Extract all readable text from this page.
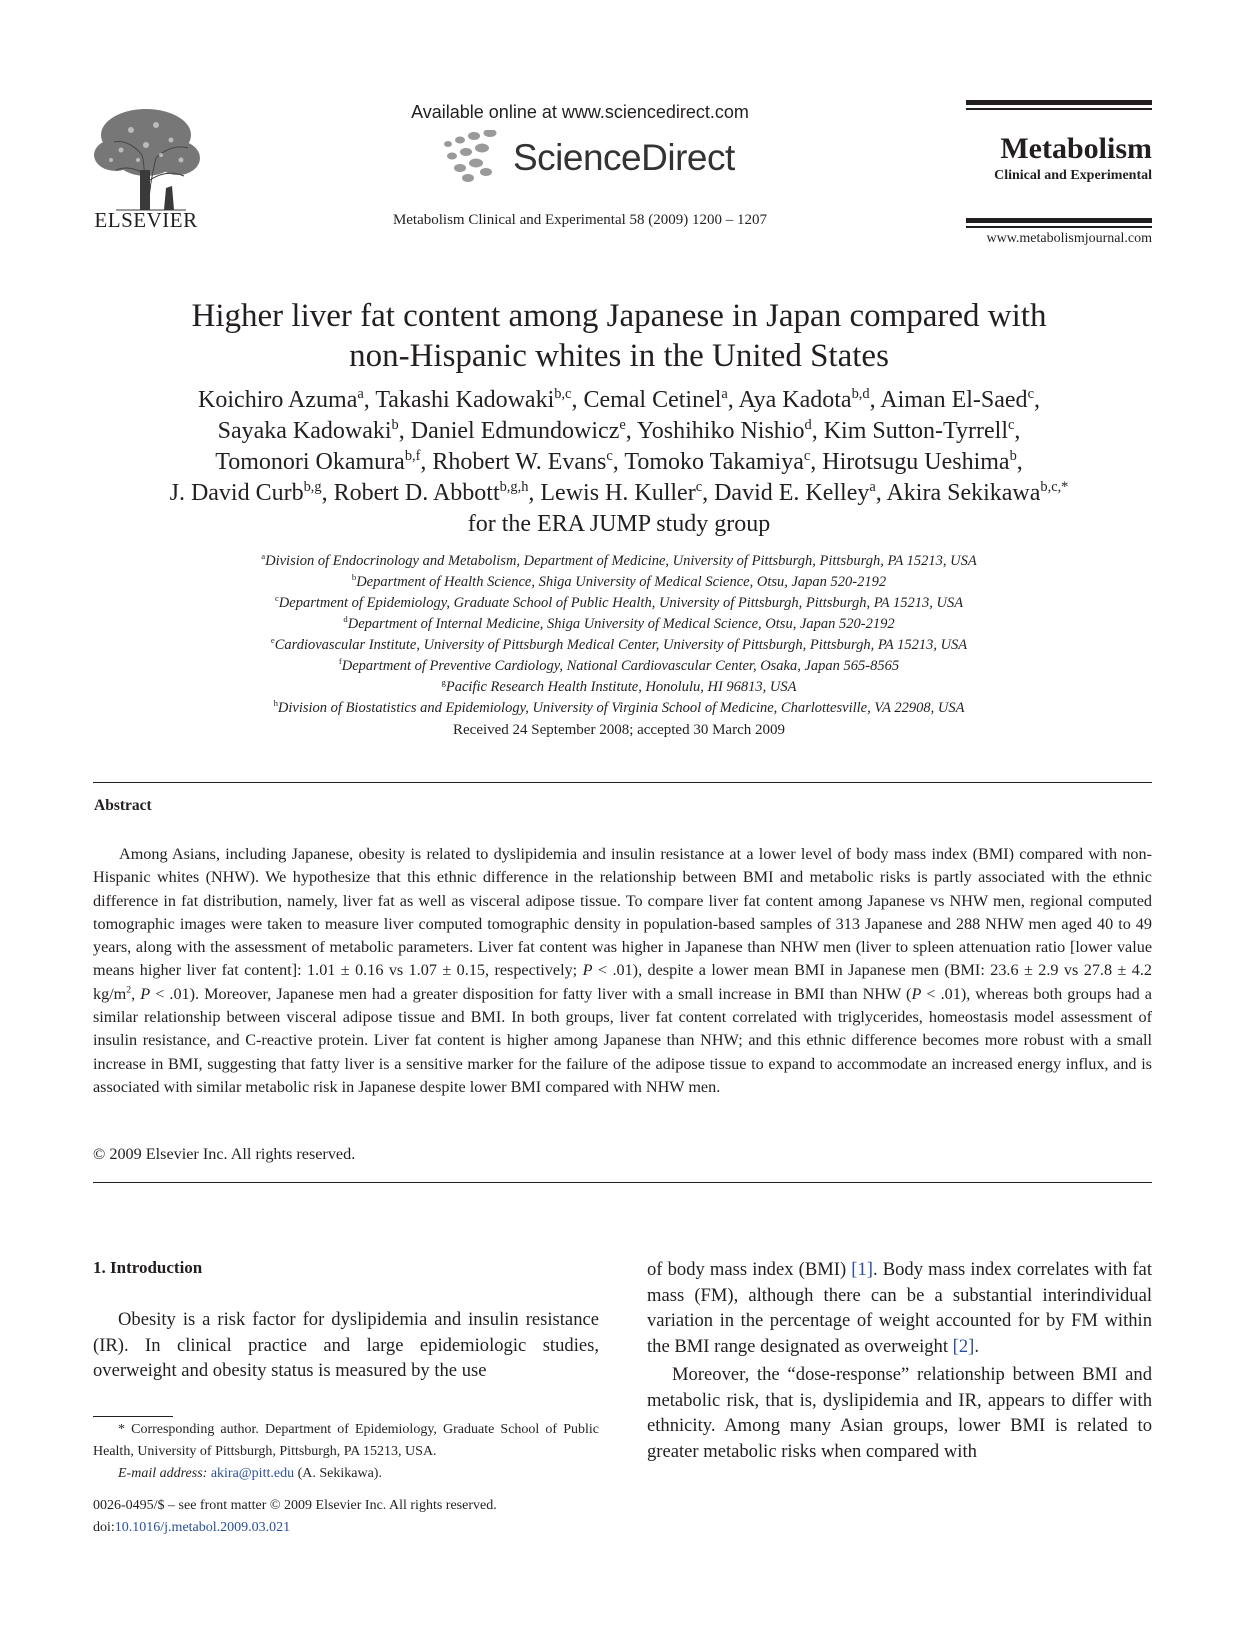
ELSEVIER
Available online at www.sciencedirect.com
ScienceDirect
Metabolism Clinical and Experimental 58 (2009) 1200 – 1207
Metabolism
Clinical and Experimental
www.metabolismjournal.com
Higher liver fat content among Japanese in Japan compared with
non-Hispanic whites in the United States
Koichiro Azuma$^a$, Takashi Kadowaki$^{b,c}$, Cemal Cetinel$^a$, Aya Kadota$^{b,d}$, Aiman El-Saed$^c$,
Sayaka Kadowaki$^b$, Daniel Edmundowicz$^e$, Yoshihiko Nishio$^d$, Kim Sutton-Tyrrell$^c$,
Tomonori Okamura$^{b,f}$, Rhobert W. Evans$^c$, Tomoko Takamiya$^c$, Hirotsugu Ueshima$^b$,
J. David Curb$^{b,g}$, Robert D. Abbott$^{b,g,h}$, Lewis H. Kuller$^c$, David E. Kelley$^a$, Akira Sekikawa$^{b,c,*}$
for the ERA JUMP study group
$^a$Division of Endocrinology and Metabolism, Department of Medicine, University of Pittsburgh, Pittsburgh, PA 15213, USA
$^b$Department of Health Science, Shiga University of Medical Science, Otsu, Japan 520-2192
$^c$Department of Epidemiology, Graduate School of Public Health, University of Pittsburgh, Pittsburgh, PA 15213, USA
$^d$Department of Internal Medicine, Shiga University of Medical Science, Otsu, Japan 520-2192
$^e$Cardiovascular Institute, University of Pittsburgh Medical Center, University of Pittsburgh, Pittsburgh, PA 15213, USA
$^f$Department of Preventive Cardiology, National Cardiovascular Center, Osaka, Japan 565-8565
$^g$Pacific Research Health Institute, Honolulu, HI 96813, USA
$^h$Division of Biostatistics and Epidemiology, University of Virginia School of Medicine, Charlottesville, VA 22908, USA
Received 24 September 2008; accepted 30 March 2009
Abstract
Among Asians, including Japanese, obesity is related to dyslipidemia and insulin resistance at a lower level of body mass index (BMI) compared with non-Hispanic whites (NHW). We hypothesize that this ethnic difference in the relationship between BMI and metabolic risks is partly associated with the ethnic difference in fat distribution, namely, liver fat as well as visceral adipose tissue. To compare liver fat content among Japanese vs NHW men, regional computed tomographic images were taken to measure liver computed tomographic density in population-based samples of 313 Japanese and 288 NHW men aged 40 to 49 years, along with the assessment of metabolic parameters. Liver fat content was higher in Japanese than NHW men (liver to spleen attenuation ratio [lower value means higher liver fat content]: 1.01 ± 0.16 vs 1.07 ± 0.15, respectively; P < .01), despite a lower mean BMI in Japanese men (BMI: 23.6 ± 2.9 vs 27.8 ± 4.2 $kg/m^2$, P < .01). Moreover, Japanese men had a greater disposition for fatty liver with a small increase in BMI than NHW (P < .01), whereas both groups had a similar relationship between visceral adipose tissue and BMI. In both groups, liver fat content correlated with triglycerides, homeostasis model assessment of insulin resistance, and C-reactive protein. Liver fat content is higher among Japanese than NHW; and this ethnic difference becomes more robust with a small increase in BMI, suggesting that fatty liver is a sensitive marker for the failure of the adipose tissue to expand to accommodate an increased energy influx, and is associated with similar metabolic risk in Japanese despite lower BMI compared with NHW men.
© 2009 Elsevier Inc. All rights reserved.
1. Introduction
Obesity is a risk factor for dyslipidemia and insulin resistance (IR). In clinical practice and large epidemiologic studies, overweight and obesity status is measured by the use

of body mass index (BMI) [1]. Body mass index correlates with fat mass (FM), although there can be a substantial interindividual variation in the percentage of weight accounted for by FM within the BMI range designated as overweight [2].

Moreover, the “dose-response” relationship between BMI and metabolic risk, that is, dyslipidemia and IR, appears to differ with ethnicity. Among many Asian groups, lower BMI is related to greater metabolic risks when compared with

* Corresponding author. Department of Epidemiology, Graduate School of Public Health, University of Pittsburgh, Pittsburgh, PA 15213, USA.
E-mail address: akira@pitt.edu (A. Sekikawa).
0026-0495/$ – see front matter © 2009 Elsevier Inc. All rights reserved.
doi:10.1016/j.metabol.2009.03.021
